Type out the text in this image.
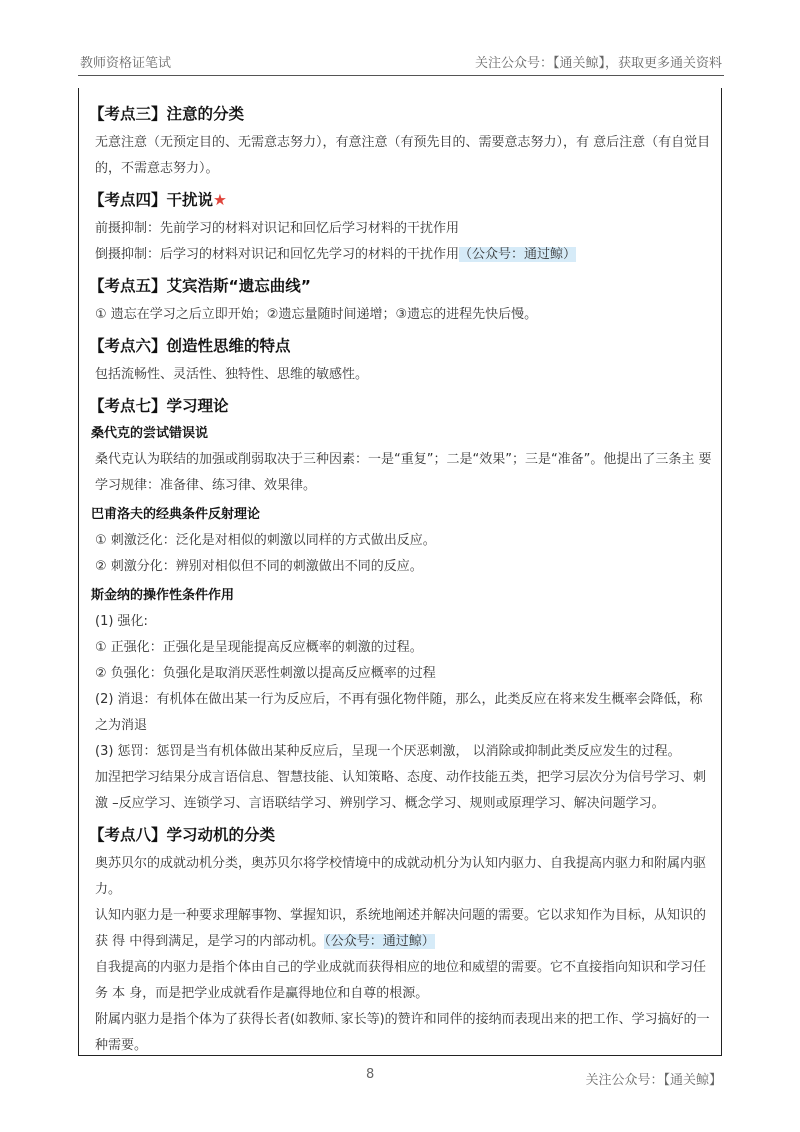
教师资格证笔试	关注公众号：【通关鲸】，获取更多通关资料
【考点三】注意的分类

无意注意（无预定目的、无需意志努力），有意注意（有预先目的、需要意志努力），有 意后注意（有自觉目的，不需意志努力）。

【考点四】干扰说★

前摄抑制：先前学习的材料对识记和回忆后学习材料的干扰作用

倒摄抑制：后学习的材料对识记和回忆先学习的材料的干扰作用（公众号：通过鲸）

【考点五】艾宾浩斯“遗忘曲线”

① 遗忘在学习之后立即开始；②遗忘量随时间递增；③遗忘的进程先快后慢。

【考点六】创造性思维的特点

包括流畅性、灵活性、独特性、思维的敏感性。

【考点七】学习理论
桑代克的尝试错误说

桑代克认为联结的加强或削弱取决于三种因素：一是“重复”；二是“效果”；三是“准备”。他提出了三条主 要 学习规律：准备律、练习律、效果律。

巴甫洛夫的经典条件反射理论

① 刺激泛化：泛化是对相似的刺激以同样的方式做出反应。

② 刺激分化：辨别对相似但不同的刺激做出不同的反应。

斯金纳的操作性条件作用

(1) 强化:

① 正强化：正强化是呈现能提高反应概率的刺激的过程。

② 负强化：负强化是取消厌恶性刺激以提高反应概率的过程

(2) 消退：有机体在做出某一行为反应后，不再有强化物伴随，那么，此类反应在将来发生概率会降低，称之为消退

(3) 惩罚：惩罚是当有机体做出某种反应后，呈现一个厌恶刺激， 以消除或抑制此类反应发生的过程。

加涅把学习结果分成言语信息、智慧技能、认知策略、态度、动作技能五类，把学习层次分为信号学习、刺激 –反应学习、连锁学习、言语联结学习、辨别学习、概念学习、规则或原理学习、解决问题学习。

【考点八】学习动机的分类

奥苏贝尔的成就动机分类，奥苏贝尔将学校情境中的成就动机分为认知内驱力、自我提高内驱力和附属内驱力。

认知内驱力是一种要求理解事物、掌握知识，系统地阐述并解决问题的需要。它以求知作为目标，从知识的获 得 中得到满足，是学习的内部动机。（公众号：通过鲸）

自我提高的内驱力是指个体由自己的学业成就而获得相应的地位和威望的需要。它不直接指向知识和学习任务 本 身，而是把学业成就看作是赢得地位和自尊的根源。

附属内驱力是指个体为了获得长者(如教师､家长等)的赞许和同伴的接纳而表现出来的把工作、学习搞好的一种需要。

8	关注公众号：【通关鲸】
